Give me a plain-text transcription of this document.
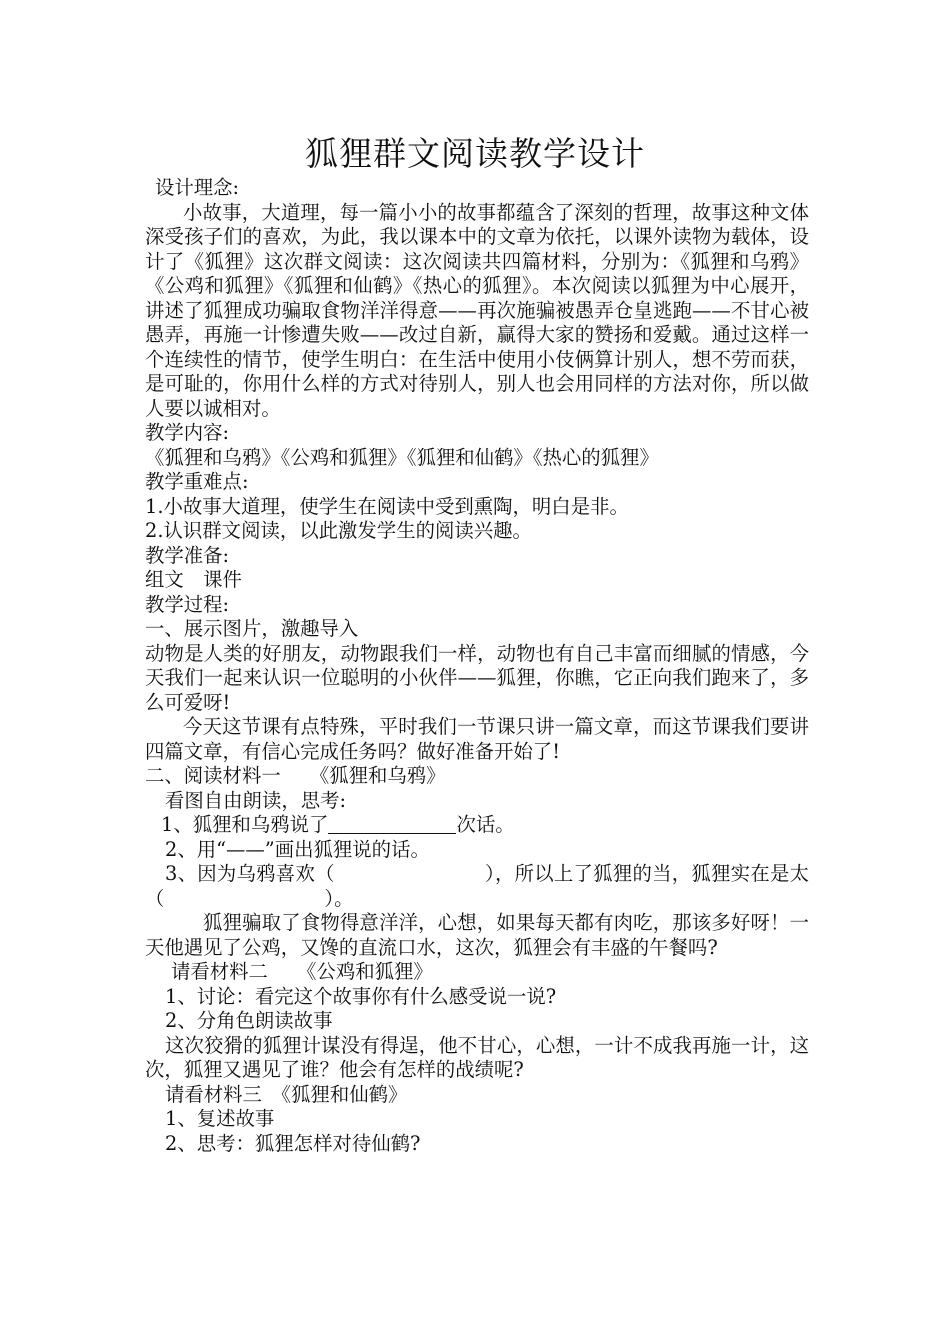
狐狸群文阅读教学设计

设计理念:

小故事，大道理，每一篇小小的故事都蕴含了深刻的哲理，故事这种文体深受孩子们的喜欢，为此，我以课本中的文章为依托，以课外读物为载体，设计了《狐狸》这次群文阅读：这次阅读共四篇材料，分别为：《狐狸和乌鸦》《公鸡和狐狸》《狐狸和仙鹤》《热心的狐狸》。本次阅读以狐狸为中心展开，讲述了狐狸成功骗取食物洋洋得意——再次施骗被愚弄仓皇逃跑——不甘心被愚弄，再施一计惨遭失败——改过自新，赢得大家的赞扬和爱戴。通过这样一个连续性的情节，使学生明白：在生活中使用小伎俩算计别人，想不劳而获，是可耻的，你用什么样的方式对待别人，别人也会用同样的方法对你，所以做人要以诚相对。

教学内容:

《狐狸和乌鸦》《公鸡和狐狸》《狐狸和仙鹤》《热心的狐狸》

教学重难点:

1.小故事大道理，使学生在阅读中受到熏陶，明白是非。

2.认识群文阅读，以此激发学生的阅读兴趣。

教学准备:

组文　课件

教学过程:

一、展示图片，激趣导入

动物是人类的好朋友，动物跟我们一样，动物也有自己丰富而细腻的情感，今天我们一起来认识一位聪明的小伙伴——狐狸，你瞧，它正向我们跑来了，多么可爱呀!

今天这节课有点特殊，平时我们一节课只讲一篇文章，而这节课我们要讲四篇文章，有信心完成任务吗？做好准备开始了!

二、阅读材料一　　《狐狸和乌鸦》

看图自由朗读，思考:

1、狐狸和乌鸦说了	次话。

2、用“——”画出狐狸说的话。

3、因为乌鸦喜欢（	），所以上了狐狸的当，狐狸实在是太（	）。

狐狸骗取了食物得意洋洋，心想，如果每天都有肉吃，那该多好呀！一天他遇见了公鸡，又馋的直流口水，这次，狐狸会有丰盛的午餐吗?

请看材料二　　《公鸡和狐狸》

1、讨论：看完这个故事你有什么感受说一说?

2、分角色朗读故事

这次狡猾的狐狸计谋没有得逞，他不甘心，心想，一计不成我再施一计，这次，狐狸又遇见了谁？他会有怎样的战绩呢?

请看材料三　《狐狸和仙鹤》

1、复述故事

2、思考：狐狸怎样对待仙鹤?
